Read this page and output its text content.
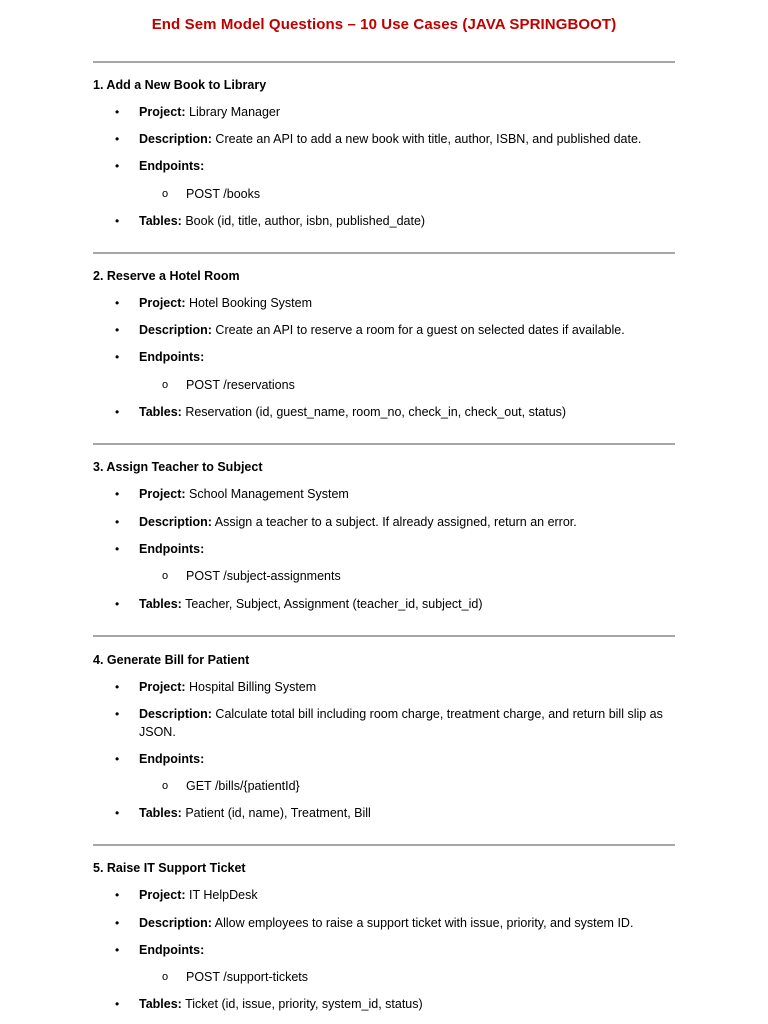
End Sem Model Questions – 10 Use Cases (JAVA SPRINGBOOT)
1. Add a New Book to Library
• Project: Library Manager
• Description: Create an API to add a new book with title, author, ISBN, and published date.
• Endpoints:
o POST /books
• Tables: Book (id, title, author, isbn, published_date)
2. Reserve a Hotel Room
• Project: Hotel Booking System
• Description: Create an API to reserve a room for a guest on selected dates if available.
• Endpoints:
o POST /reservations
• Tables: Reservation (id, guest_name, room_no, check_in, check_out, status)
3. Assign Teacher to Subject
• Project: School Management System
• Description: Assign a teacher to a subject. If already assigned, return an error.
• Endpoints:
o POST /subject-assignments
• Tables: Teacher, Subject, Assignment (teacher_id, subject_id)
4. Generate Bill for Patient
• Project: Hospital Billing System
• Description: Calculate total bill including room charge, treatment charge, and return bill slip as JSON.
• Endpoints:
o GET /bills/{patientId}
• Tables: Patient (id, name), Treatment, Bill
5. Raise IT Support Ticket
• Project: IT HelpDesk
• Description: Allow employees to raise a support ticket with issue, priority, and system ID.
• Endpoints:
o POST /support-tickets
• Tables: Ticket (id, issue, priority, system_id, status)
